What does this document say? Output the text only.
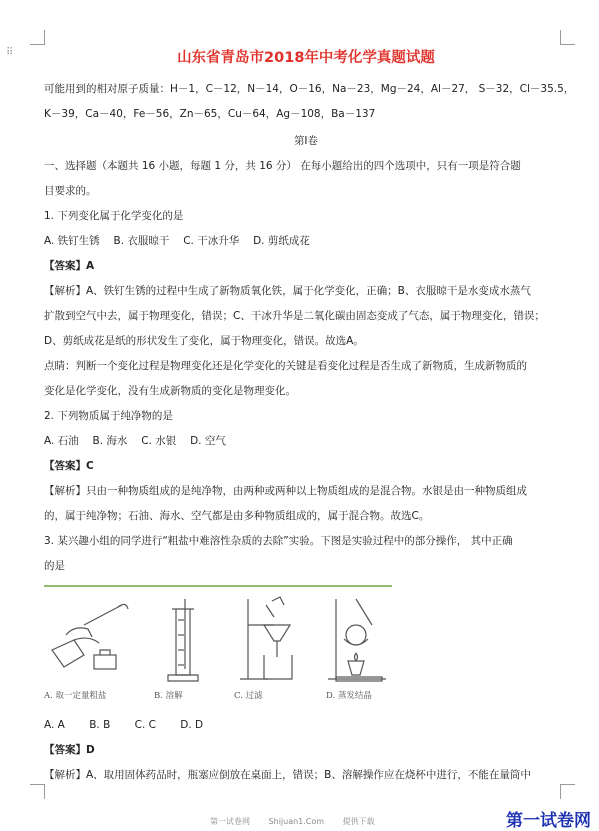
⠿	山东省青岛市2018年中考化学真题试题
可能用到的相对原子质量：H－1，C－12，N－14，O－16，Na－23，Mg－24，Al－27， S－32，Cl－35.5，
K－39，Ca－40，Fe－56，Zn－65，Cu－64，Ag－108，Ba－137
第Ⅰ卷
一、选择题（本题共 16 小题，每题 1 分，共 16 分） 在每小题给出的四个选项中，只有一项是符合题
目要求的。
1. 下列变化属于化学变化的是
A. 铁钉生锈　 B. 衣服晾干　 C. 干冰升华　 D. 剪纸成花
【答案】A
【解析】A、铁钉生锈的过程中生成了新物质氧化铁，属于化学变化，正确；B、衣服晾干是水变成水蒸气
扩散到空气中去，属于物理变化，错误；C、干冰升华是二氧化碳由固态变成了气态，属于物理变化，错误；
D、剪纸成花是纸的形状发生了变化，属于物理变化，错误。故选A。
点睛：判断一个变化过程是物理变化还是化学变化的关键是看变化过程是否生成了新物质，生成新物质的
变化是化学变化，没有生成新物质的变化是物理变化。
2. 下列物质属于纯净物的是
A. 石油　 B. 海水　 C. 水银　 D. 空气
【答案】C
【解析】只由一种物质组成的是纯净物，由两种或两种以上物质组成的是混合物。水银是由一种物质组成
的，属于纯净物；石油、海水、空气都是由多种物质组成的，属于混合物。故选C。
3. 某兴趣小组的同学进行“粗盐中难溶性杂质的去除”实验。下图是实验过程中的部分操作， 其中正确
的是
A. 取一定量粗盐	B. 溶解	C. 过滤	D. 蒸发结晶
A. A　　 B. B　　 C. C　　 D. D
【答案】D
【解析】A、取用固体药品时，瓶塞应倒放在桌面上，错误；B、溶解操作应在烧杯中进行，不能在量筒中
第一试卷网　　 Shijuan1.Com　　 提供下载	第一试卷网
